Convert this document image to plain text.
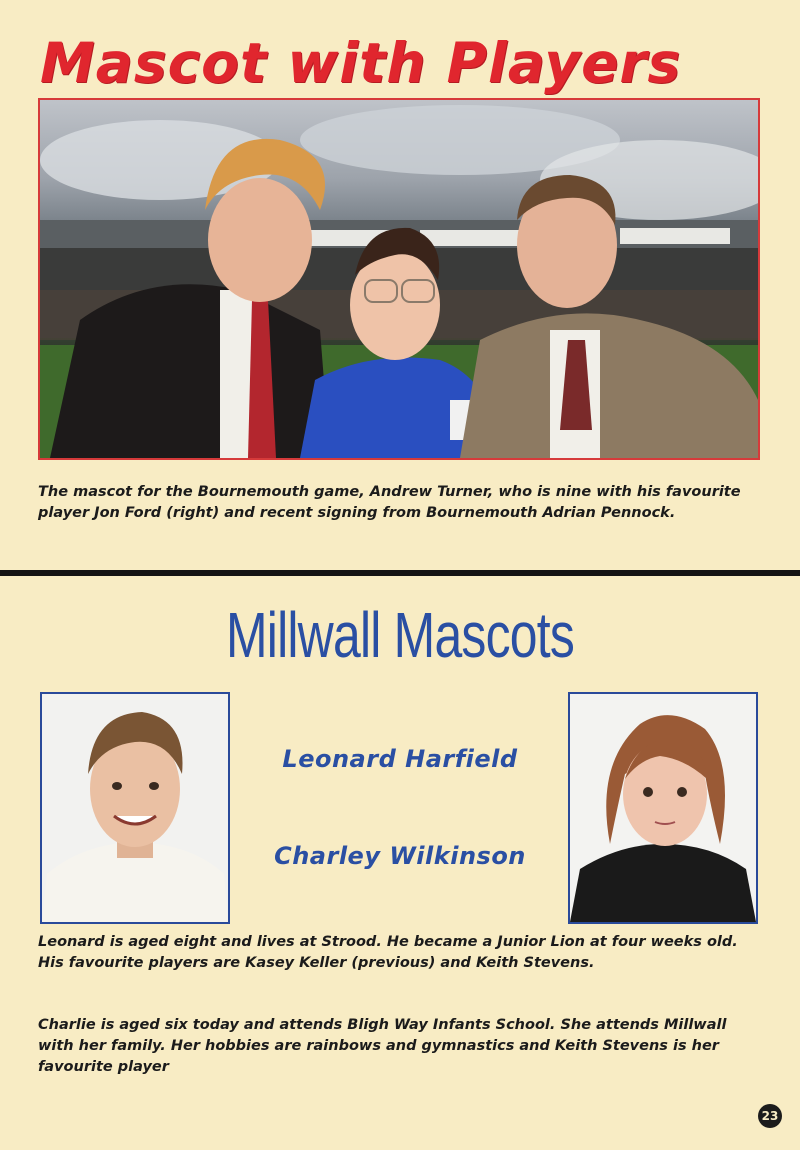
Mascot with Players
The mascot for the Bournemouth game, Andrew Turner, who is nine with his favourite player Jon Ford (right) and recent signing from Bournemouth Adrian Pennock.
Millwall Mascots
Leonard Harfield
Charley Wilkinson
Leonard is aged eight and lives at Strood. He became a Junior Lion at four weeks old. His favourite players are Kasey Keller (previous) and Keith Stevens.
Charlie is aged six today and attends Bligh Way Infants School. She attends Millwall with her family. Her hobbies are rainbows and gymnastics and Keith Stevens is her favourite player
23
